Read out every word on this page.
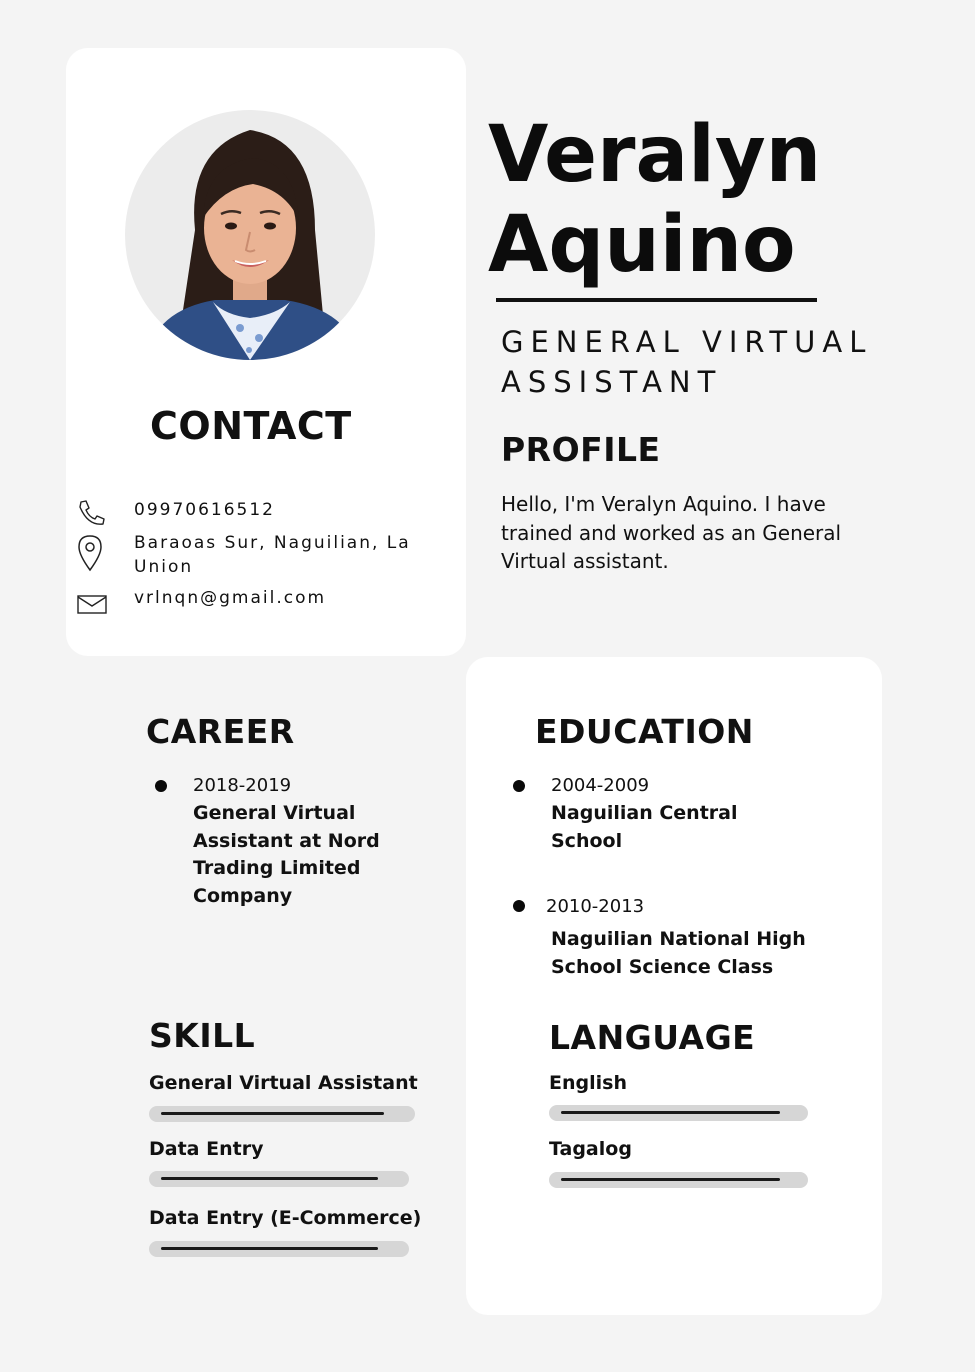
CONTACT
09970616512
Baraoas Sur, Naguilian, La Union
vrlnqn@gmail.com
Veralyn
Aquino
GENERAL VIRTUAL ASSISTANT
PROFILE
Hello, I'm Veralyn Aquino. I have trained and worked as an General Virtual assistant.
CAREER
2018-2019
General Virtual Assistant at Nord Trading Limited Company
EDUCATION
2004-2009
Naguilian Central School
2010-2013
Naguilian National High School Science Class
SKILL
General Virtual Assistant
Data Entry
Data Entry (E-Commerce)
LANGUAGE
English
Tagalog
